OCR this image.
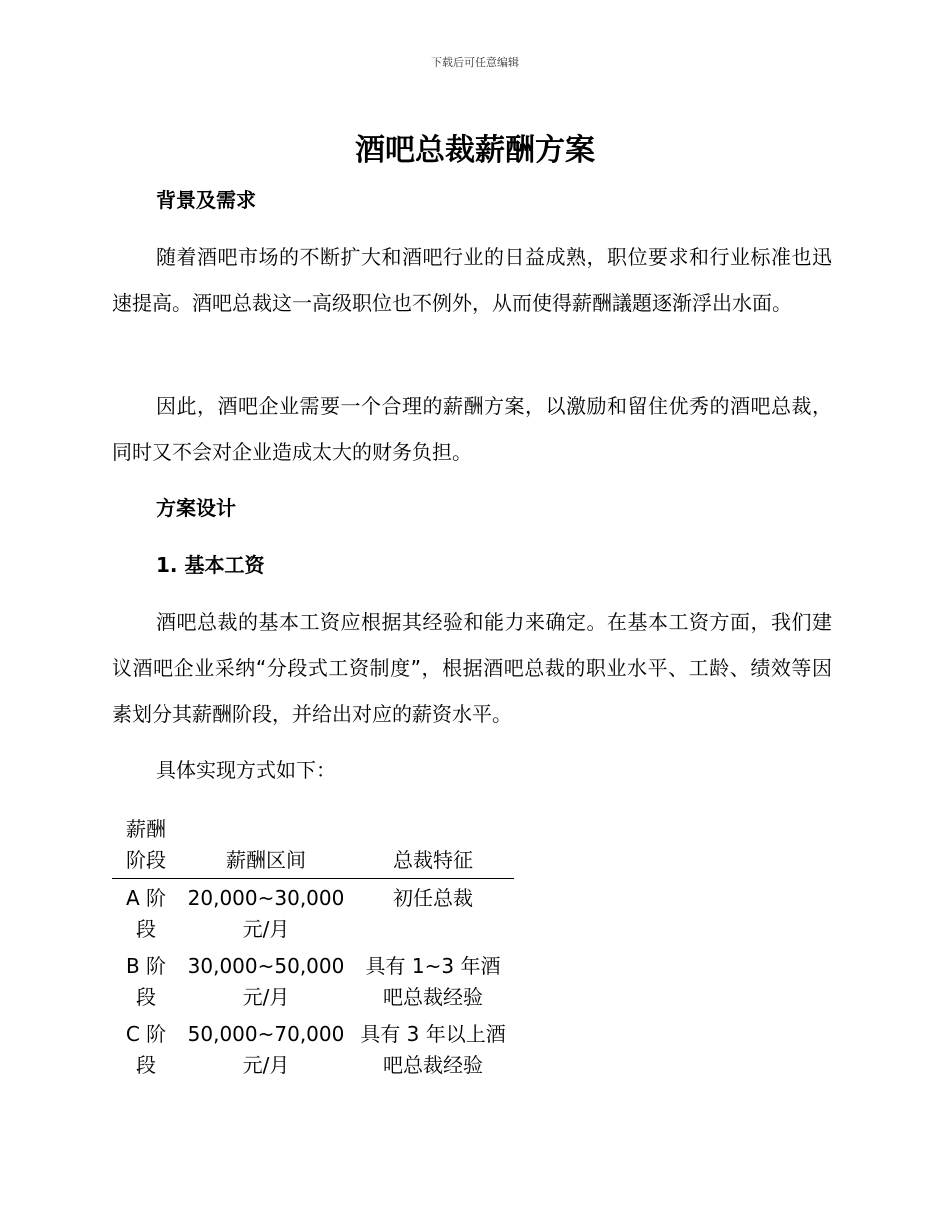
下载后可任意编辑
酒吧总裁薪酬方案
背景及需求

随着酒吧市场的不断扩大和酒吧行业的日益成熟，职位要求和行业标准也迅速提高。酒吧总裁这一高级职位也不例外，从而使得薪酬議題逐渐浮出水面。

因此，酒吧企业需要一个合理的薪酬方案，以激励和留住优秀的酒吧总裁，同时又不会对企业造成太大的财务负担。

方案设计
1. 基本工资

酒吧总裁的基本工资应根据其经验和能力来确定。在基本工资方面，我们建议酒吧企业采纳“分段式工资制度”，根据酒吧总裁的职业水平、工龄、绩效等因素划分其薪酬阶段，并给出对应的薪资水平。

具体实现方式如下：

薪酬阶段	薪酬区间	总裁特征
A 阶段	20,000~30,000 元/月	初任总裁
B 阶段	30,000~50,000 元/月	具有 1~3 年酒吧总裁经验
C 阶段	50,000~70,000 元/月	具有 3 年以上酒吧总裁经验
